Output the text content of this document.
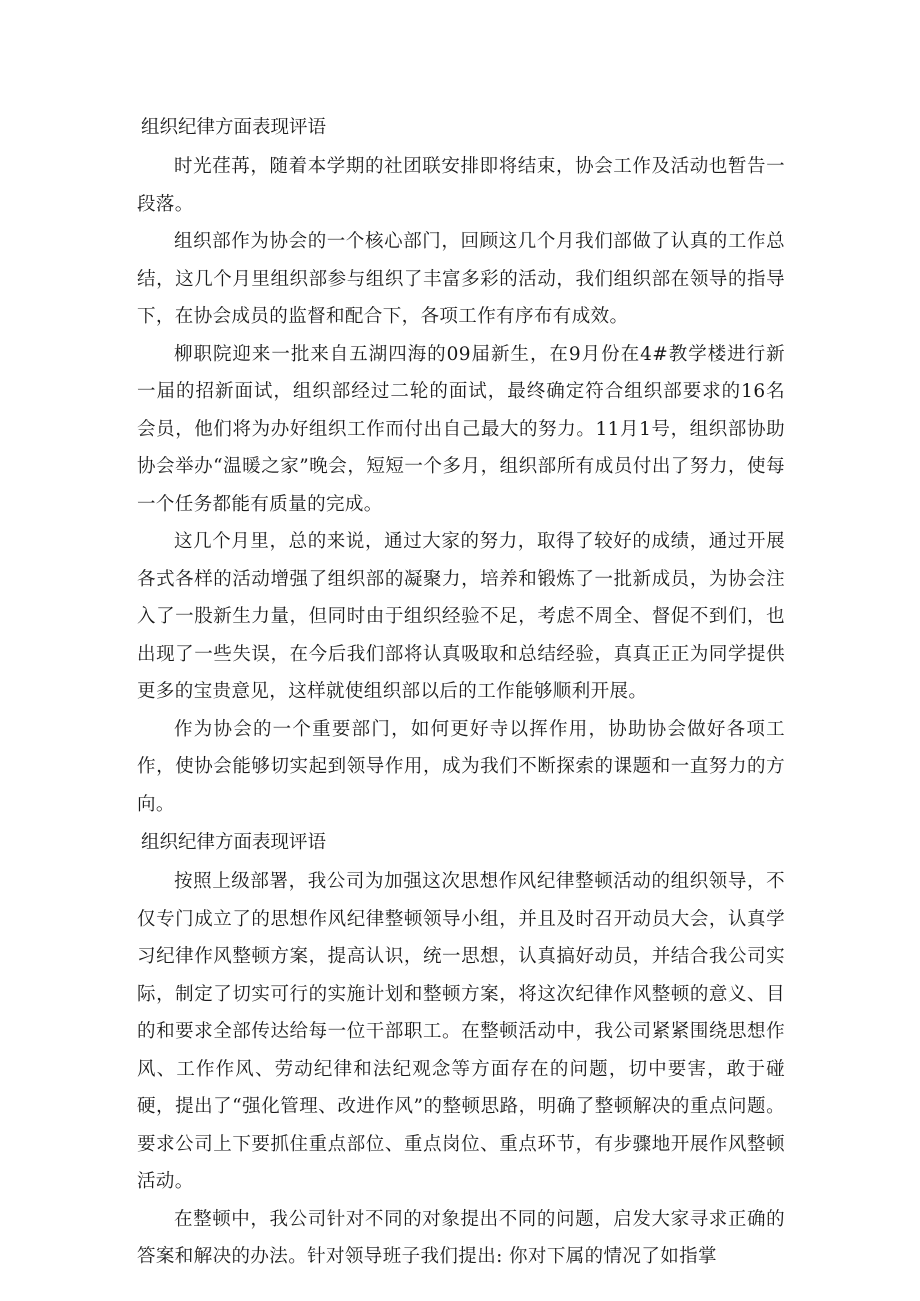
组织纪律方面表现评语

时光荏苒，随着本学期的社团联安排即将结束，协会工作及活动也暂告一段落。

组织部作为协会的一个核心部门，回顾这几个月我们部做了认真的工作总结，这几个月里组织部参与组织了丰富多彩的活动，我们组织部在领导的指导下，在协会成员的监督和配合下，各项工作有序布有成效。

柳职院迎来一批来自五湖四海的09届新生，在9月份在4#教学楼进行新一届的招新面试，组织部经过二轮的面试，最终确定符合组织部要求的16名会员，他们将为办好组织工作而付出自己最大的努力。11月1号，组织部协助协会举办“温暖之家”晚会，短短一个多月，组织部所有成员付出了努力，使每一个任务都能有质量的完成。

这几个月里，总的来说，通过大家的努力，取得了较好的成绩，通过开展各式各样的活动增强了组织部的凝聚力，培养和锻炼了一批新成员，为协会注入了一股新生力量，但同时由于组织经验不足，考虑不周全、督促不到们，也出现了一些失误，在今后我们部将认真吸取和总结经验，真真正正为同学提供更多的宝贵意见，这样就使组织部以后的工作能够顺利开展。

作为协会的一个重要部门，如何更好寺以挥作用，协助协会做好各项工作，使协会能够切实起到领导作用，成为我们不断探索的课题和一直努力的方向。

组织纪律方面表现评语

按照上级部署，我公司为加强这次思想作风纪律整顿活动的组织领导，不仅专门成立了的思想作风纪律整顿领导小组，并且及时召开动员大会，认真学习纪律作风整顿方案，提高认识，统一思想，认真搞好动员，并结合我公司实际，制定了切实可行的实施计划和整顿方案，将这次纪律作风整顿的意义、目的和要求全部传达给每一位干部职工。在整顿活动中，我公司紧紧围绕思想作风、工作作风、劳动纪律和法纪观念等方面存在的问题，切中要害，敢于碰硬，提出了“强化管理、改进作风”的整顿思路，明确了整顿解决的重点问题。要求公司上下要抓住重点部位、重点岗位、重点环节，有步骤地开展作风整顿活动。

在整顿中，我公司针对不同的对象提出不同的问题，启发大家寻求正确的答案和解决的办法。针对领导班子我们提出: 你对下属的情况了如指掌
